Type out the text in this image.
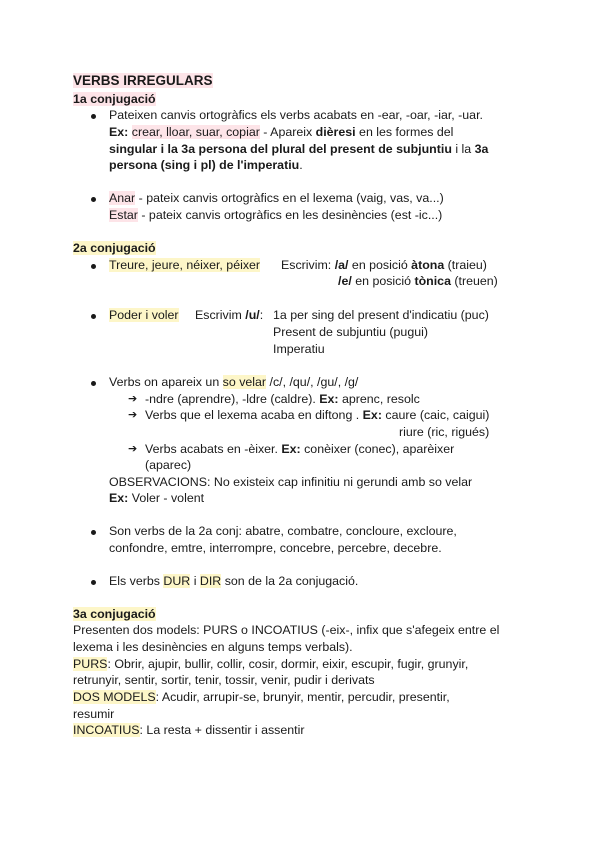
VERBS IRREGULARS
1a conjugació
Pateixen canvis ortogràfics els verbs acabats en -ear, -oar, -iar, -uar.
Ex: crear, lloar, suar, copiar - Apareix dièresi en les formes del
singular i la 3a persona del plural del present de subjuntiu i la 3a
persona (sing i pl) de l'imperatiu.
Anar - pateix canvis ortogràfics en el lexema (vaig, vas, va...)
Estar - pateix canvis ortogràfics en les desinències (est -ic...)
2a conjugació
Treure, jeure, néixer, péixer Escrivim: /a/ en posició àtona (traieu)
/e/ en posició tònica (treuen)
Poder i voler Escrivim /u/: 1a per sing del present d'indicatiu (puc)
Present de subjuntiu (pugui)
Imperatiu
Verbs on apareix un so velar /c/, /qu/, /gu/, /g/
➔ -ndre (aprendre), -ldre (caldre). Ex: aprenc, resolc
➔ Verbs que el lexema acaba en diftong . Ex: caure (caic, caigui)
riure (ric, rigués)
➔ Verbs acabats en -èixer. Ex: conèixer (conec), aparèixer
(aparec)
OBSERVACIONS: No existeix cap infinitiu ni gerundi amb so velar
Ex: Voler - volent
Son verbs de la 2a conj: abatre, combatre, concloure, excloure,
confondre, emtre, interrompre, concebre, percebre, decebre.
Els verbs DUR i DIR son de la 2a conjugació.
3a conjugació
Presenten dos models: PURS o INCOATIUS (-eix-, infix que s'afegeix entre el
lexema i les desinències en alguns temps verbals).
PURS: Obrir, ajupir, bullir, collir, cosir, dormir, eixir, escupir, fugir, grunyir,
retrunyir, sentir, sortir, tenir, tossir, venir, pudir i derivats
DOS MODELS: Acudir, arrupir-se, brunyir, mentir, percudir, presentir,
resumir
INCOATIUS: La resta + dissentir i assentir
